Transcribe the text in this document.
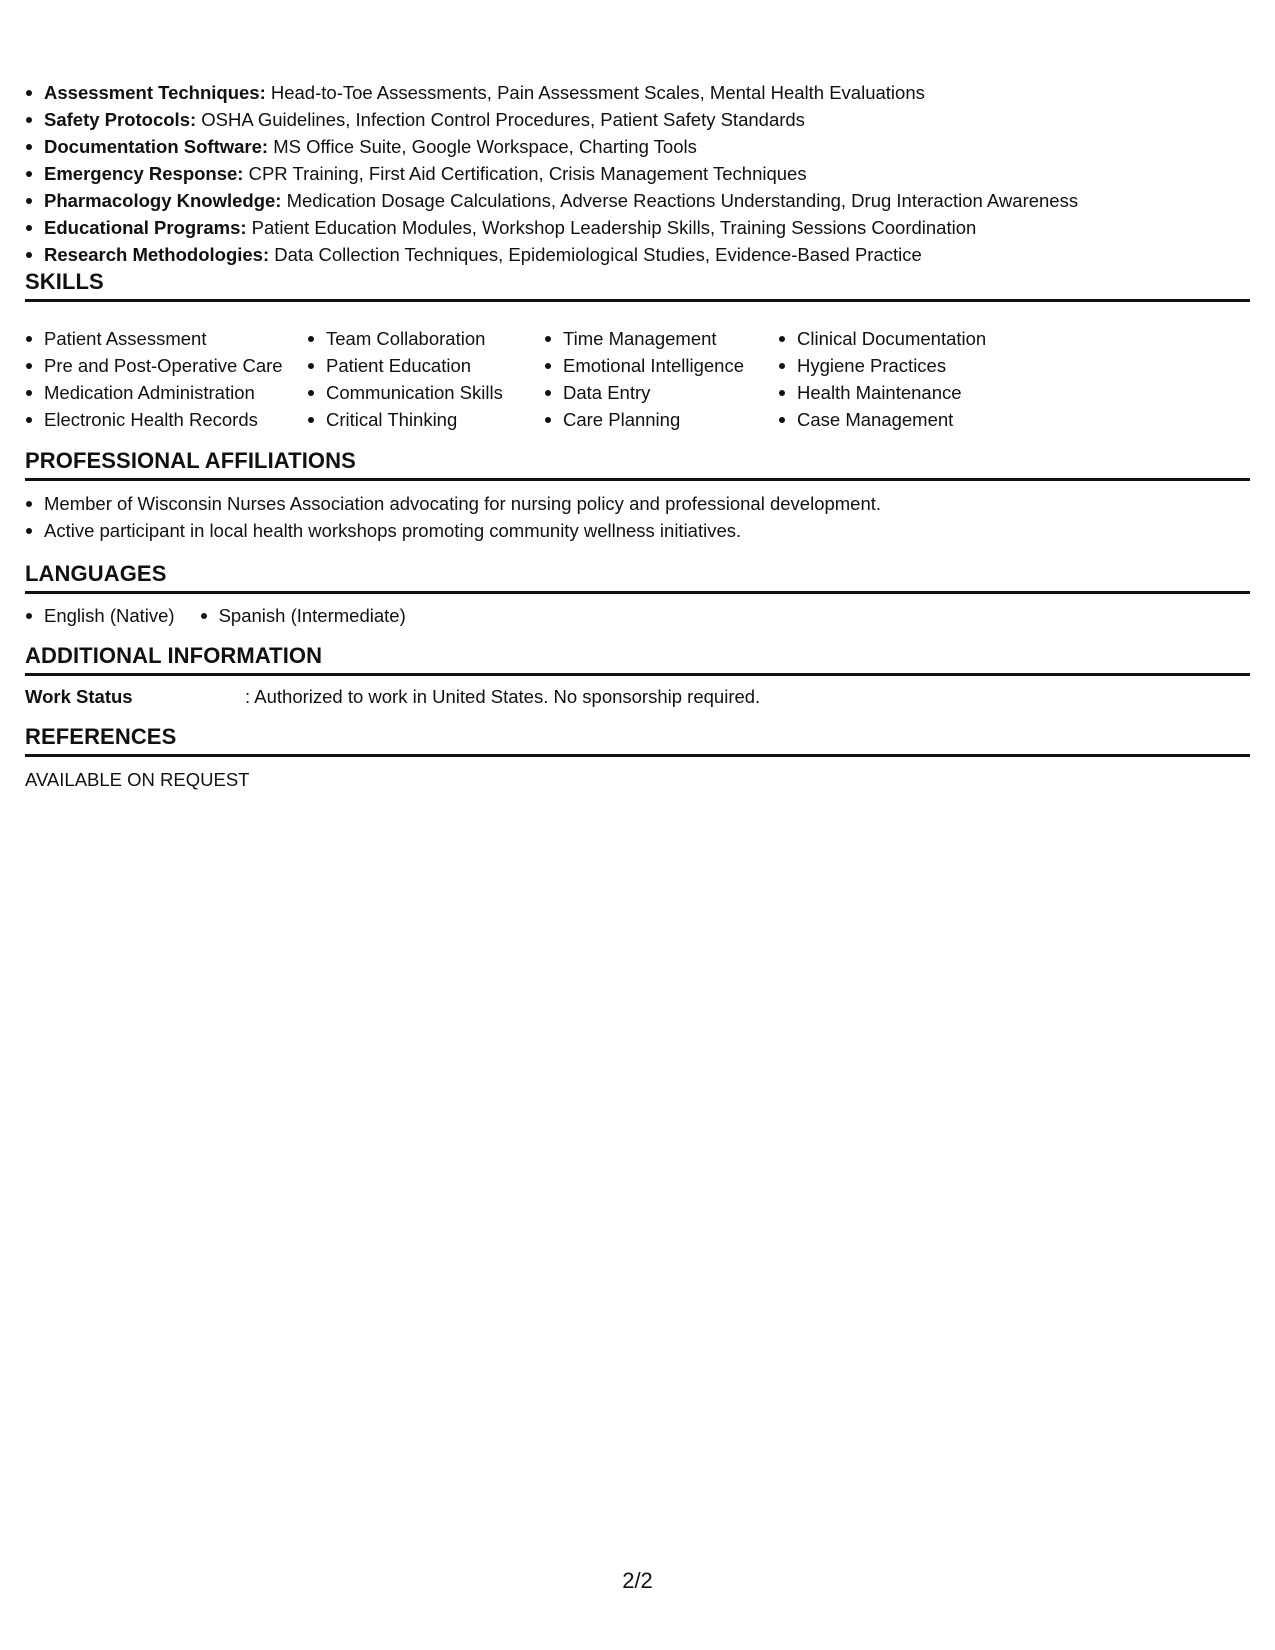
Assessment Techniques: Head-to-Toe Assessments, Pain Assessment Scales, Mental Health Evaluations
Safety Protocols: OSHA Guidelines, Infection Control Procedures, Patient Safety Standards
Documentation Software: MS Office Suite, Google Workspace, Charting Tools
Emergency Response: CPR Training, First Aid Certification, Crisis Management Techniques
Pharmacology Knowledge: Medication Dosage Calculations, Adverse Reactions Understanding, Drug Interaction Awareness
Educational Programs: Patient Education Modules, Workshop Leadership Skills, Training Sessions Coordination
Research Methodologies: Data Collection Techniques, Epidemiological Studies, Evidence-Based Practice
SKILLS
Patient Assessment
Pre and Post-Operative Care
Medication Administration
Electronic Health Records
Team Collaboration
Patient Education
Communication Skills
Critical Thinking
Time Management
Emotional Intelligence
Data Entry
Care Planning
Clinical Documentation
Hygiene Practices
Health Maintenance
Case Management
PROFESSIONAL AFFILIATIONS
Member of Wisconsin Nurses Association advocating for nursing policy and professional development.
Active participant in local health workshops promoting community wellness initiatives.
LANGUAGES
English (Native)	Spanish (Intermediate)
ADDITIONAL INFORMATION
Work Status	: Authorized to work in United States. No sponsorship required.
REFERENCES
AVAILABLE ON REQUEST
2/2
